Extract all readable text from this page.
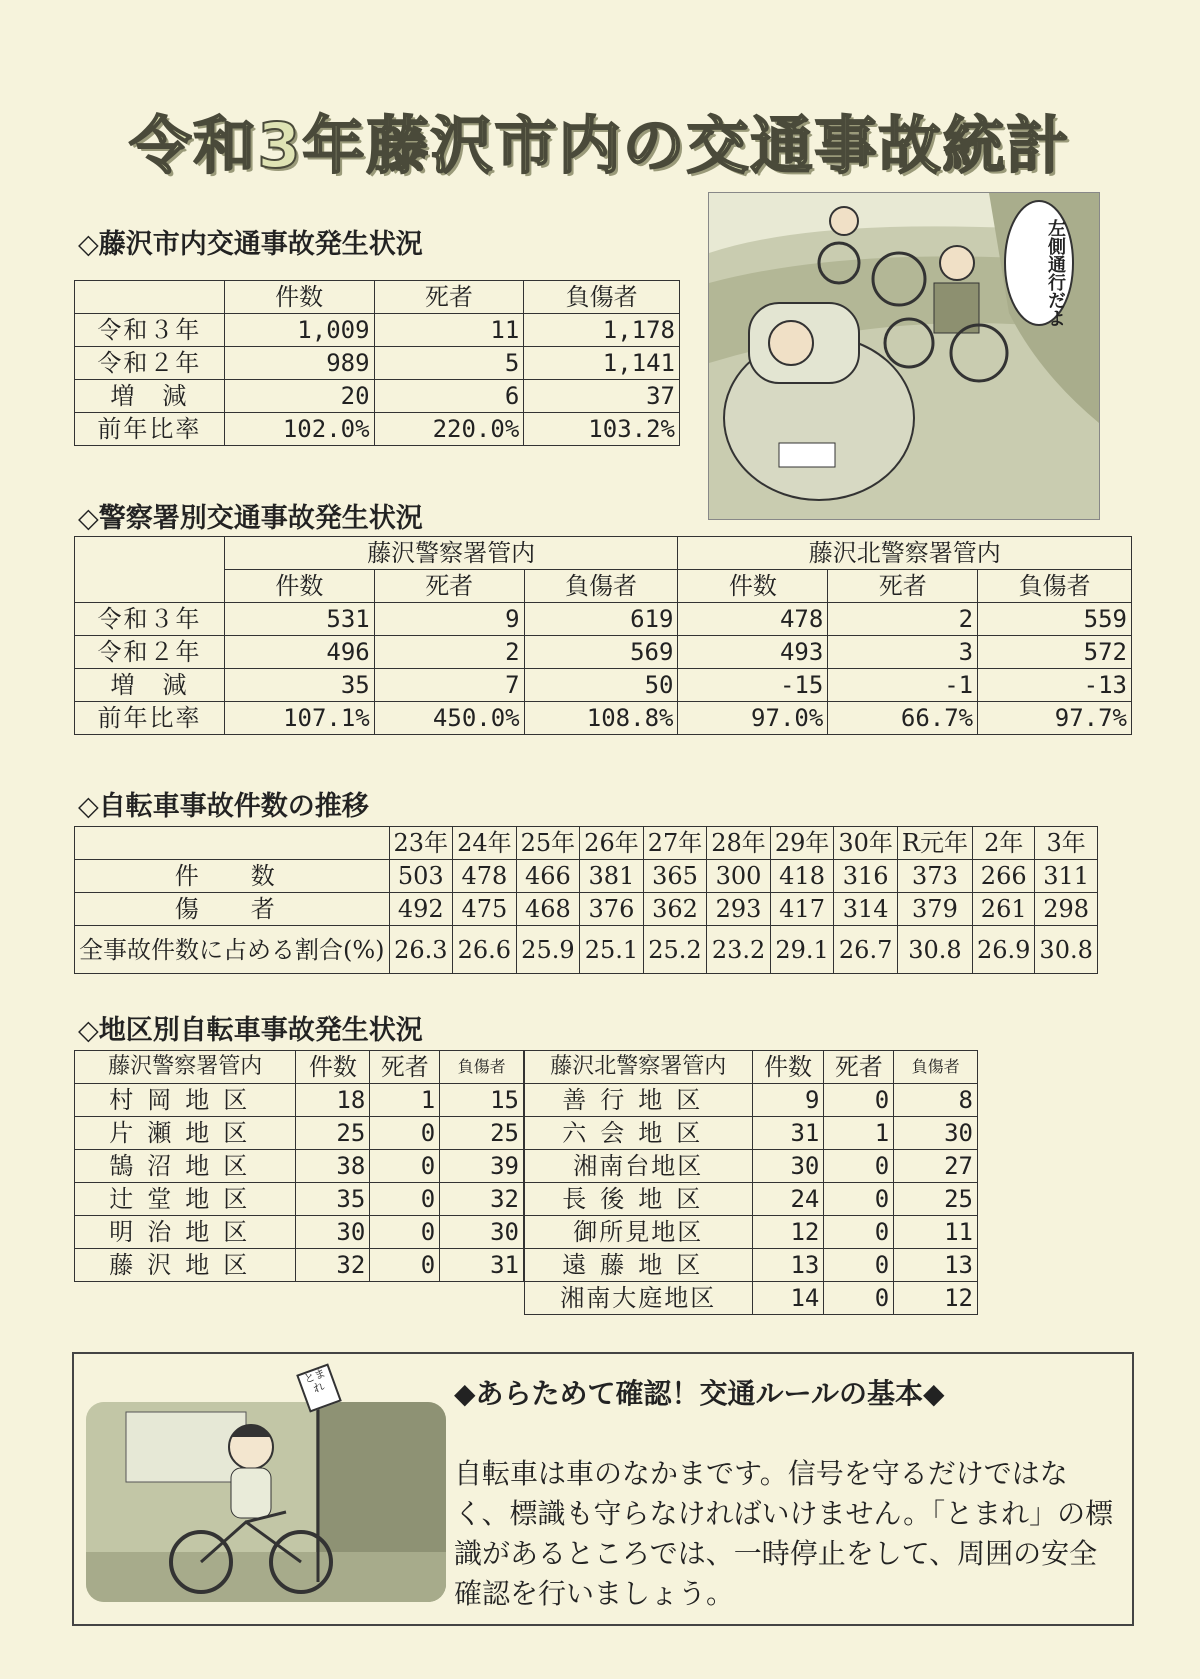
令和3年藤沢市内の交通事故統計
◇藤沢市内交通事故発生状況
	件数	死者	負傷者
令和３年	1,009	11	1,178
令和２年	989	5	1,141
増　減	20	6	37
前年比率	102.0%	220.0%	103.2%
左側通行だよ
◇警察署別交通事故発生状況
	藤沢警察署管内			藤沢北警察署管内		
	件数	死者	負傷者	件数	死者	負傷者
令和３年	531	9	619	478	2	559
令和２年	496	2	569	493	3	572
増　減	35	7	50	-15	-1	-13
前年比率	107.1%	450.0%	108.8%	97.0%	66.7%	97.7%
◇自転車事故件数の推移
	23年	24年	25年	26年	27年	28年	29年	30年	R元年	2年	3年
件　数	503	478	466	381	365	300	418	316	373	266	311
傷　者	492	475	468	376	362	293	417	314	379	261	298
全事故件数に占める割合(%)	26.3	26.6	25.9	25.1	25.2	23.2	29.1	26.7	30.8	26.9	30.8
◇地区別自転車事故発生状況
藤沢警察署管内	件数	死者	負傷者
村岡地区	18	1	15
片瀬地区	25	0	25
鵠沼地区	38	0	39
辻堂地区	35	0	32
明治地区	30	0	30
藤沢地区	32	0	31
藤沢北警察署管内	件数	死者	負傷者
善行地区	9	0	8
六会地区	31	1	30
湘南台地区	30	0	27
長後地区	24	0	25
御所見地区	12	0	11
遠藤地区	13	0	13
湘南大庭地区	14	0	12
とまれ	◆あらためて確認！交通ルールの基本◆
自転車は車のなかまです。信号を守るだけではなく、標識も守らなければいけません。「とまれ」の標識があるところでは、一時停止をして、周囲の安全確認を行いましょう。
